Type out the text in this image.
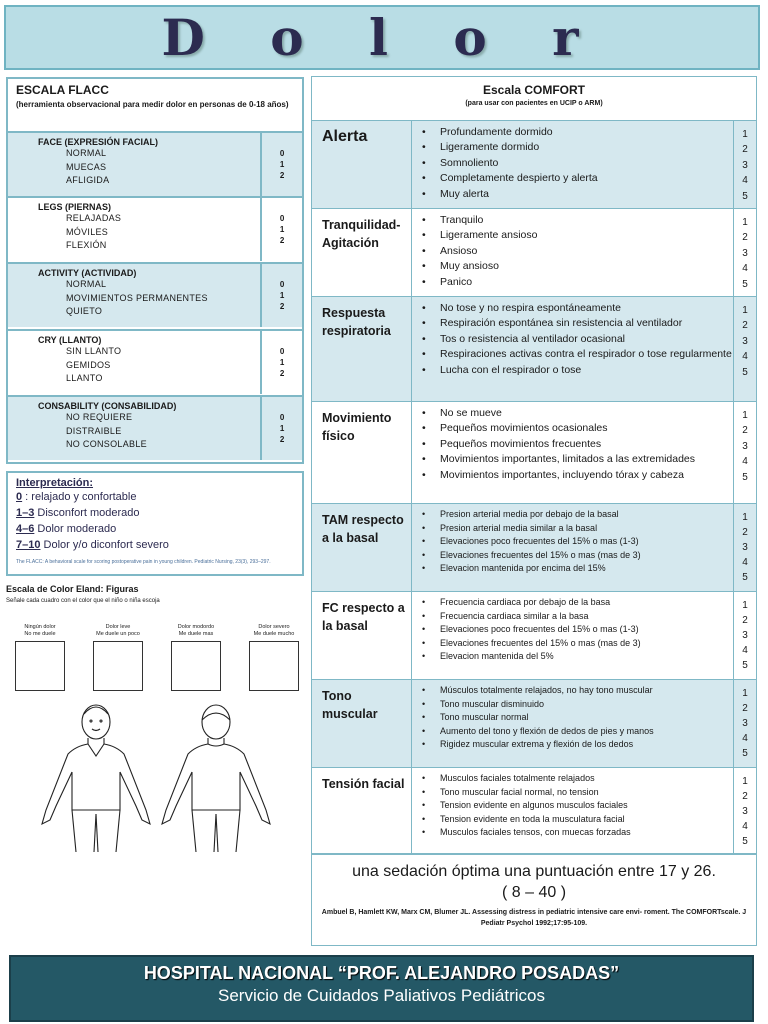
D o l o r
ESCALA FLACC
(herramienta observacional para medir dolor en personas de 0-18 años)
FACE (EXPRESIÓN FACIAL)
NORMAL
MUECAS
AFLIGIDA
0
1
2
LEGS (PIERNAS)
RELAJADAS
MÓVILES
FLEXIÓN
0
1
2
ACTIVITY (ACTIVIDAD)
NORMAL
MOVIMIENTOS PERMANENTES
QUIETO
0
1
2
CRY (LLANTO)
SIN LLANTO
GEMIDOS
LLANTO
0
1
2
CONSABILITY (CONSABILIDAD)
NO REQUIERE
DISTRAIBLE
NO CONSOLABLE
0
1
2
Interpretación:
0 : relajado y confortable
1–3 Disconfort moderado
4–6 Dolor moderado
7–10 Dolor y/o diconfort severo
The FLACC: A behavioral scale for scoring postoperative pain in young children. Pediatric Nursing, 23(3), 293–297.
Escala de Color Eland: Figuras
Señale cada cuadro con el color que el niño o niña escoja
Ningún dolor
No me duele
Dolor leve
Me duele un poco
Dolor modordo
Me duele mas
Dolor severo
Me duele mucho
Escala COMFORT
(para usar con pacientes en UCIP o ARM)
Alerta	• Profundamente dormido
• Ligeramente dormido
• Somnoliento
• Completamente despierto y alerta
• Muy alerta
1
2
3
4
5
Tranquilidad-Agitación
• Tranquilo
• Ligeramente ansioso
• Ansioso
• Muy ansioso
• Panico
1
2
3
4
5
Respuesta respiratoria
• No tose y no respira espontáneamente
• Respiración espontánea sin resistencia al ventilador
• Tos o resistencia al ventilador ocasional
• Respiraciones activas contra el respirador o tose regularmente
• Lucha con el respirador o tose
1
2
3
4
5
Movimiento físico
• No se mueve
• Pequeños movimientos ocasionales
• Pequeños movimientos frecuentes
• Movimientos importantes, limitados a las extremidades
• Movimientos importantes, incluyendo tórax y cabeza
1
2
3
4
5
TAM respecto a la basal
• Presion arterial media por debajo de la basal
• Presion arterial media similar a la basal
• Elevaciones poco frecuentes del 15% o mas (1-3)
• Elevaciones frecuentes del 15% o mas (mas de 3)
• Elevacion mantenida por encima del 15%
1
2
3
4
5
FC respecto a la basal
• Frecuencia cardiaca por debajo de la basa
• Frecuencia cardiaca similar a la basa
• Elevaciones poco frecuentes del 15% o mas (1-3)
• Elevaciones frecuentes del 15% o mas (mas de 3)
• Elevacion mantenida del 5%
1
2
3
4
5
Tono muscular
• Músculos totalmente relajados, no hay tono muscular
• Tono muscular disminuido
• Tono muscular normal
• Aumento del tono y flexión de dedos de pies y manos
• Rigidez muscular extrema y flexión de los dedos
1
2
3
4
5
Tensión facial	• Musculos faciales totalmente relajados
• Tono muscular facial normal, no tension
• Tension evidente en algunos musculos faciales
• Tension evidente en toda la musculatura facial
• Musculos faciales tensos, con muecas forzadas
1
2
3
4
5
una sedación óptima una puntuación entre 17 y 26.
( 8 – 40 )
Ambuel B, Hamlett KW, Marx CM, Blumer JL. Assessing distress in pediatric intensive care envi- roment. The COMFORTscale. J Pediatr Psychol 1992;17:95-109.
HOSPITAL NACIONAL “PROF. ALEJANDRO POSADAS”
Servicio de Cuidados Paliativos Pediátricos
